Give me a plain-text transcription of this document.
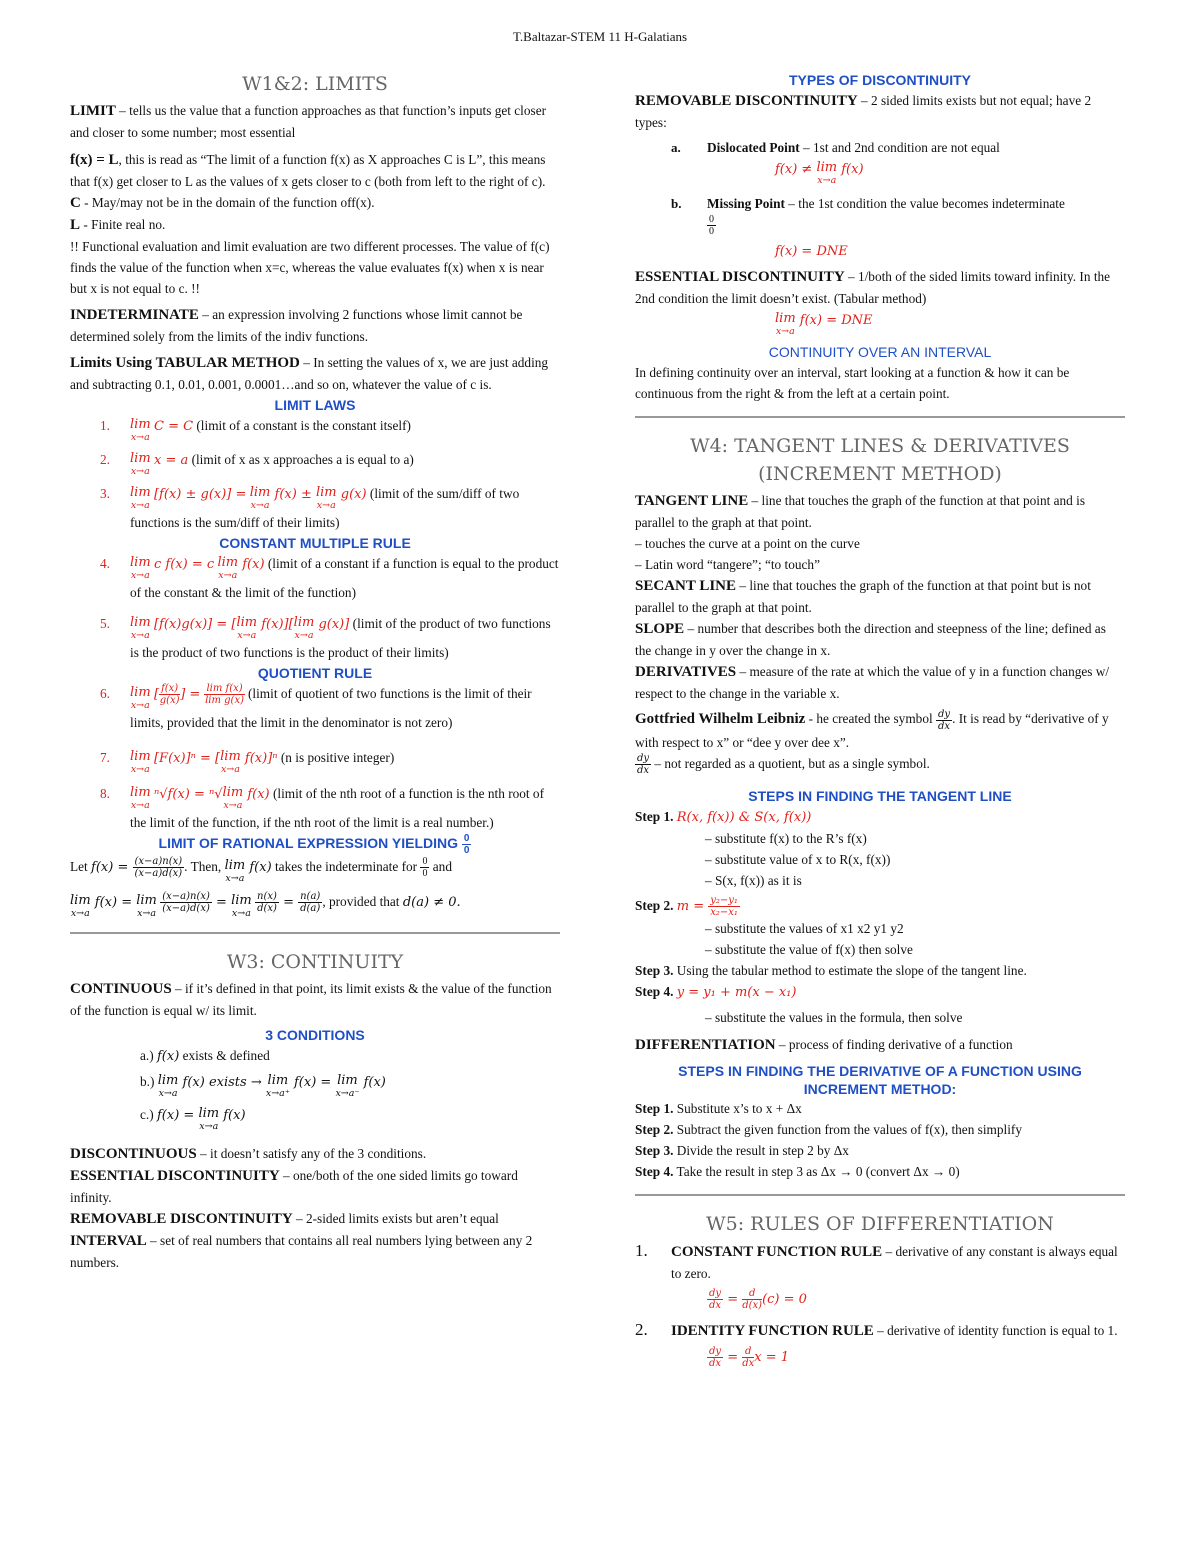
T.Baltazar-STEM 11 H-Galatians
W1&2: LIMITS

LIMIT – tells us the value that a function approaches as that function’s inputs get closer and closer to some number; most essential

f(x) = L, this is read as “The limit of a function f(x) as X approaches C is L”, this means that f(x) get closer to L as the values of x gets closer to c (both from left to the right of c).

C - May/may not be in the domain of the function off(x).

L - Finite real no.

!! Functional evaluation and limit evaluation are two different processes. The value of f(c) finds the value of the function when x=c, whereas the value evaluates f(x) when x is near but x is not equal to c. !!

INDETERMINATE – an expression involving 2 functions whose limit cannot be determined solely from the limits of the indiv functions.

Limits Using TABULAR METHOD – In setting the values of x, we are just adding and subtracting 0.1, 0.01, 0.001, 0.0001…and so on, whatever the value of c is.

LIMIT LAWS
1.	lim
x→a
C = C (limit of a constant is the constant itself)
2.	lim
x→a
x = a (limit of x as x approaches a is equal to a)
3.	lim
x→a
[f(x) ± g(x)] = lim
x→a
f(x) ± lim
x→a
g(x) (limit of the sum/diff of two functions is the sum/diff of their limits)
CONSTANT MULTIPLE RULE
4.	lim
x→a
c f(x) = c lim
x→a
f(x) (limit of a constant if a function is equal to the product of the constant & the limit of the function)
5.	lim
x→a
[f(x)g(x)] = [lim
x→a
f(x)][lim
x→a
g(x)] (limit of the product of two functions is the product of two functions is the product of their limits)
QUOTIENT RULE
6.	lim
x→a
[ f(x)
g(x)] = lim f(x)
lim g(x) (limit of quotient of two functions is the limit of their limits, provided that the limit in the denominator is not zero)
7.	lim
x→a
[F(x)]ⁿ = [lim
x→a
f(x)]ⁿ (n is positive integer)
8.	lim
x→a
ⁿ√f(x) = ⁿ√lim
x→a
f(x) (limit of the nth root of a function is the nth root of the limit of the function, if the nth root of the limit is a real number.)
LIMIT OF RATIONAL EXPRESSION YIELDING 0
0

Let f(x) = (x−a)n(x)
(x−a)d(x) . Then, lim
x→a
f(x) takes the indeterminate for 0
0 and

lim
x→a
f(x) = lim
x→a

(x−a)n(x)
(x−a)d(x) = lim
x→a

n(x)
d(x) = n(a)
d(a) , provided that d(a) ≠ 0.

W3: CONTINUITY

CONTINUOUS – if it’s defined in that point, its limit exists & the value of the function of the function is equal w/ its limit.

3 CONDITIONS

a.) f(x) exists & defined

b.) lim
x→a
f(x) exists → lim
x→a⁺
f(x) = lim
x→a⁻
f(x)

c.) f(x) = lim
x→a
f(x)

DISCONTINUOUS – it doesn’t satisfy any of the 3 conditions.

ESSENTIAL DISCONTINUITY – one/both of the one sided limits go toward infinity.

REMOVABLE DISCONTINUITY – 2-sided limits exists but aren’t equal

INTERVAL – set of real numbers that contains all real numbers lying between any 2 numbers.

TYPES OF DISCONTINUITY

REMOVABLE DISCONTINUITY – 2 sided limits exists but not equal; have 2 types:

a.	Dislocated Point – 1st and 2nd condition are not equal

f(x) ≠ lim
x→a
f(x)

b.	Missing Point – the 1st condition the value becomes indeterminate

0
0

f(x) = DNE

ESSENTIAL DISCONTINUITY – 1/both of the sided limits toward infinity. In the 2nd condition the limit doesn’t exist. (Tabular method)

lim
x→a
f(x) = DNE

CONTINUITY OVER AN INTERVAL

In defining continuity over an interval, start looking at a function & how it can be continuous from the right & from the left at a certain point.

W4: TANGENT LINES & DERIVATIVES (INCREMENT METHOD)

TANGENT LINE – line that touches the graph of the function at that point and is parallel to the graph at that point.

– touches the curve at a point on the curve

– Latin word “tangere”; “to touch”

SECANT LINE – line that touches the graph of the function at that point but is not parallel to the graph at that point.

SLOPE – number that describes both the direction and steepness of the line; defined as the change in y over the change in x.

DERIVATIVES – measure of the rate at which the value of y in a function changes w/ respect to the change in the variable x.

Gottfried Wilhelm Leibniz - he created the symbol dy
dx . It is read by “derivative of y with respect to x” or “dee y over dee x”.

dy
dx – not regarded as a quotient, but as a single symbol.

STEPS IN FINDING THE TANGENT LINE

Step 1. R(x, f(x)) & S(x, f(x))

– substitute f(x) to the R’s f(x)

– substitute value of x to R(x, f(x))

– S(x, f(x)) as it is

Step 2. m = y₂−y₁
x₂−x₁

– substitute the values of x1 x2 y1 y2

– substitute the value of f(x) then solve

Step 3. Using the tabular method to estimate the slope of the tangent line.

Step 4. y = y₁ + m(x − x₁)

– substitute the values in the formula, then solve

DIFFERENTIATION – process of finding derivative of a function

STEPS IN FINDING THE DERIVATIVE OF A FUNCTION USING INCREMENT METHOD:

Step 1. Substitute x’s to x + Δx

Step 2. Subtract the given function from the values of f(x), then simplify

Step 3. Divide the result in step 2 by Δx

Step 4. Take the result in step 3 as Δx → 0 (convert Δx → 0)

W5: RULES OF DIFFERENTIATION

1.	CONSTANT FUNCTION RULE – derivative of any constant is always equal to zero.

dy
dx = d
d(x)(c) = 0

2.	IDENTITY FUNCTION RULE – derivative of identity function is equal to 1.

dy
dx = d
dxx = 1
